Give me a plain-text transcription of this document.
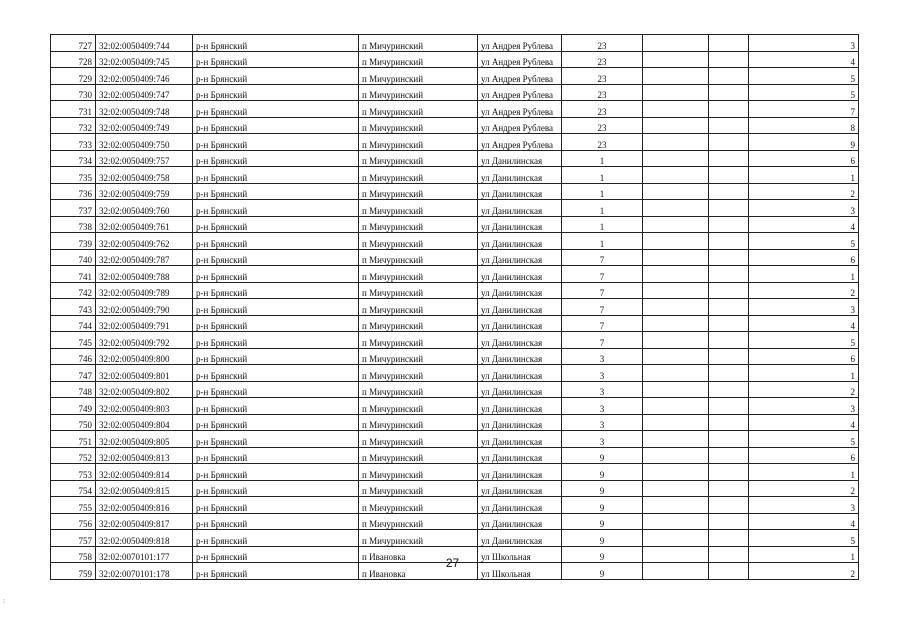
727	32:02:0050409:744	р-н Брянский	п Мичуринский	ул Андрея Рублева	23			3
728	32:02:0050409:745	р-н Брянский	п Мичуринский	ул Андрея Рублева	23			4
729	32:02:0050409:746	р-н Брянский	п Мичуринский	ул Андрея Рублева	23			5
730	32:02:0050409:747	р-н Брянский	п Мичуринский	ул Андрея Рублева	23			5
731	32:02:0050409:748	р-н Брянский	п Мичуринский	ул Андрея Рублева	23			7
732	32:02:0050409:749	р-н Брянский	п Мичуринский	ул Андрея Рублева	23			8
733	32:02:0050409:750	р-н Брянский	п Мичуринский	ул Андрея Рублева	23			9
734	32:02:0050409:757	р-н Брянский	п Мичуринский	ул Данилинская	1			6
735	32:02:0050409:758	р-н Брянский	п Мичуринский	ул Данилинская	1			1
736	32:02:0050409:759	р-н Брянский	п Мичуринский	ул Данилинская	1			2
737	32:02:0050409:760	р-н Брянский	п Мичуринский	ул Данилинская	1			3
738	32:02:0050409:761	р-н Брянский	п Мичуринский	ул Данилинская	1			4
739	32:02:0050409:762	р-н Брянский	п Мичуринский	ул Данилинская	1			5
740	32:02:0050409:787	р-н Брянский	п Мичуринский	ул Данилинская	7			6
741	32:02:0050409:788	р-н Брянский	п Мичуринский	ул Данилинская	7			1
742	32:02:0050409:789	р-н Брянский	п Мичуринский	ул Данилинская	7			2
743	32:02:0050409:790	р-н Брянский	п Мичуринский	ул Данилинская	7			3
744	32:02:0050409:791	р-н Брянский	п Мичуринский	ул Данилинская	7			4
745	32:02:0050409:792	р-н Брянский	п Мичуринский	ул Данилинская	7			5
746	32:02:0050409:800	р-н Брянский	п Мичуринский	ул Данилинская	3			6
747	32:02:0050409:801	р-н Брянский	п Мичуринский	ул Данилинская	3			1
748	32:02:0050409:802	р-н Брянский	п Мичуринский	ул Данилинская	3			2
749	32:02:0050409:803	р-н Брянский	п Мичуринский	ул Данилинская	3			3
750	32:02:0050409:804	р-н Брянский	п Мичуринский	ул Данилинская	3			4
751	32:02:0050409:805	р-н Брянский	п Мичуринский	ул Данилинская	3			5
752	32:02:0050409:813	р-н Брянский	п Мичуринский	ул Данилинская	9			6
753	32:02:0050409:814	р-н Брянский	п Мичуринский	ул Данилинская	9			1
754	32:02:0050409:815	р-н Брянский	п Мичуринский	ул Данилинская	9			2
755	32:02:0050409:816	р-н Брянский	п Мичуринский	ул Данилинская	9			3
756	32:02:0050409:817	р-н Брянский	п Мичуринский	ул Данилинская	9			4
757	32:02:0050409:818	р-н Брянский	п Мичуринский	ул Данилинская	9			5
758	32:02:0070101:177	р-н Брянский	п Ивановка	ул Школьная	9			1
759	32:02:0070101:178	р-н Брянский	п Ивановка	ул Школьная	9			2
27
⁝
